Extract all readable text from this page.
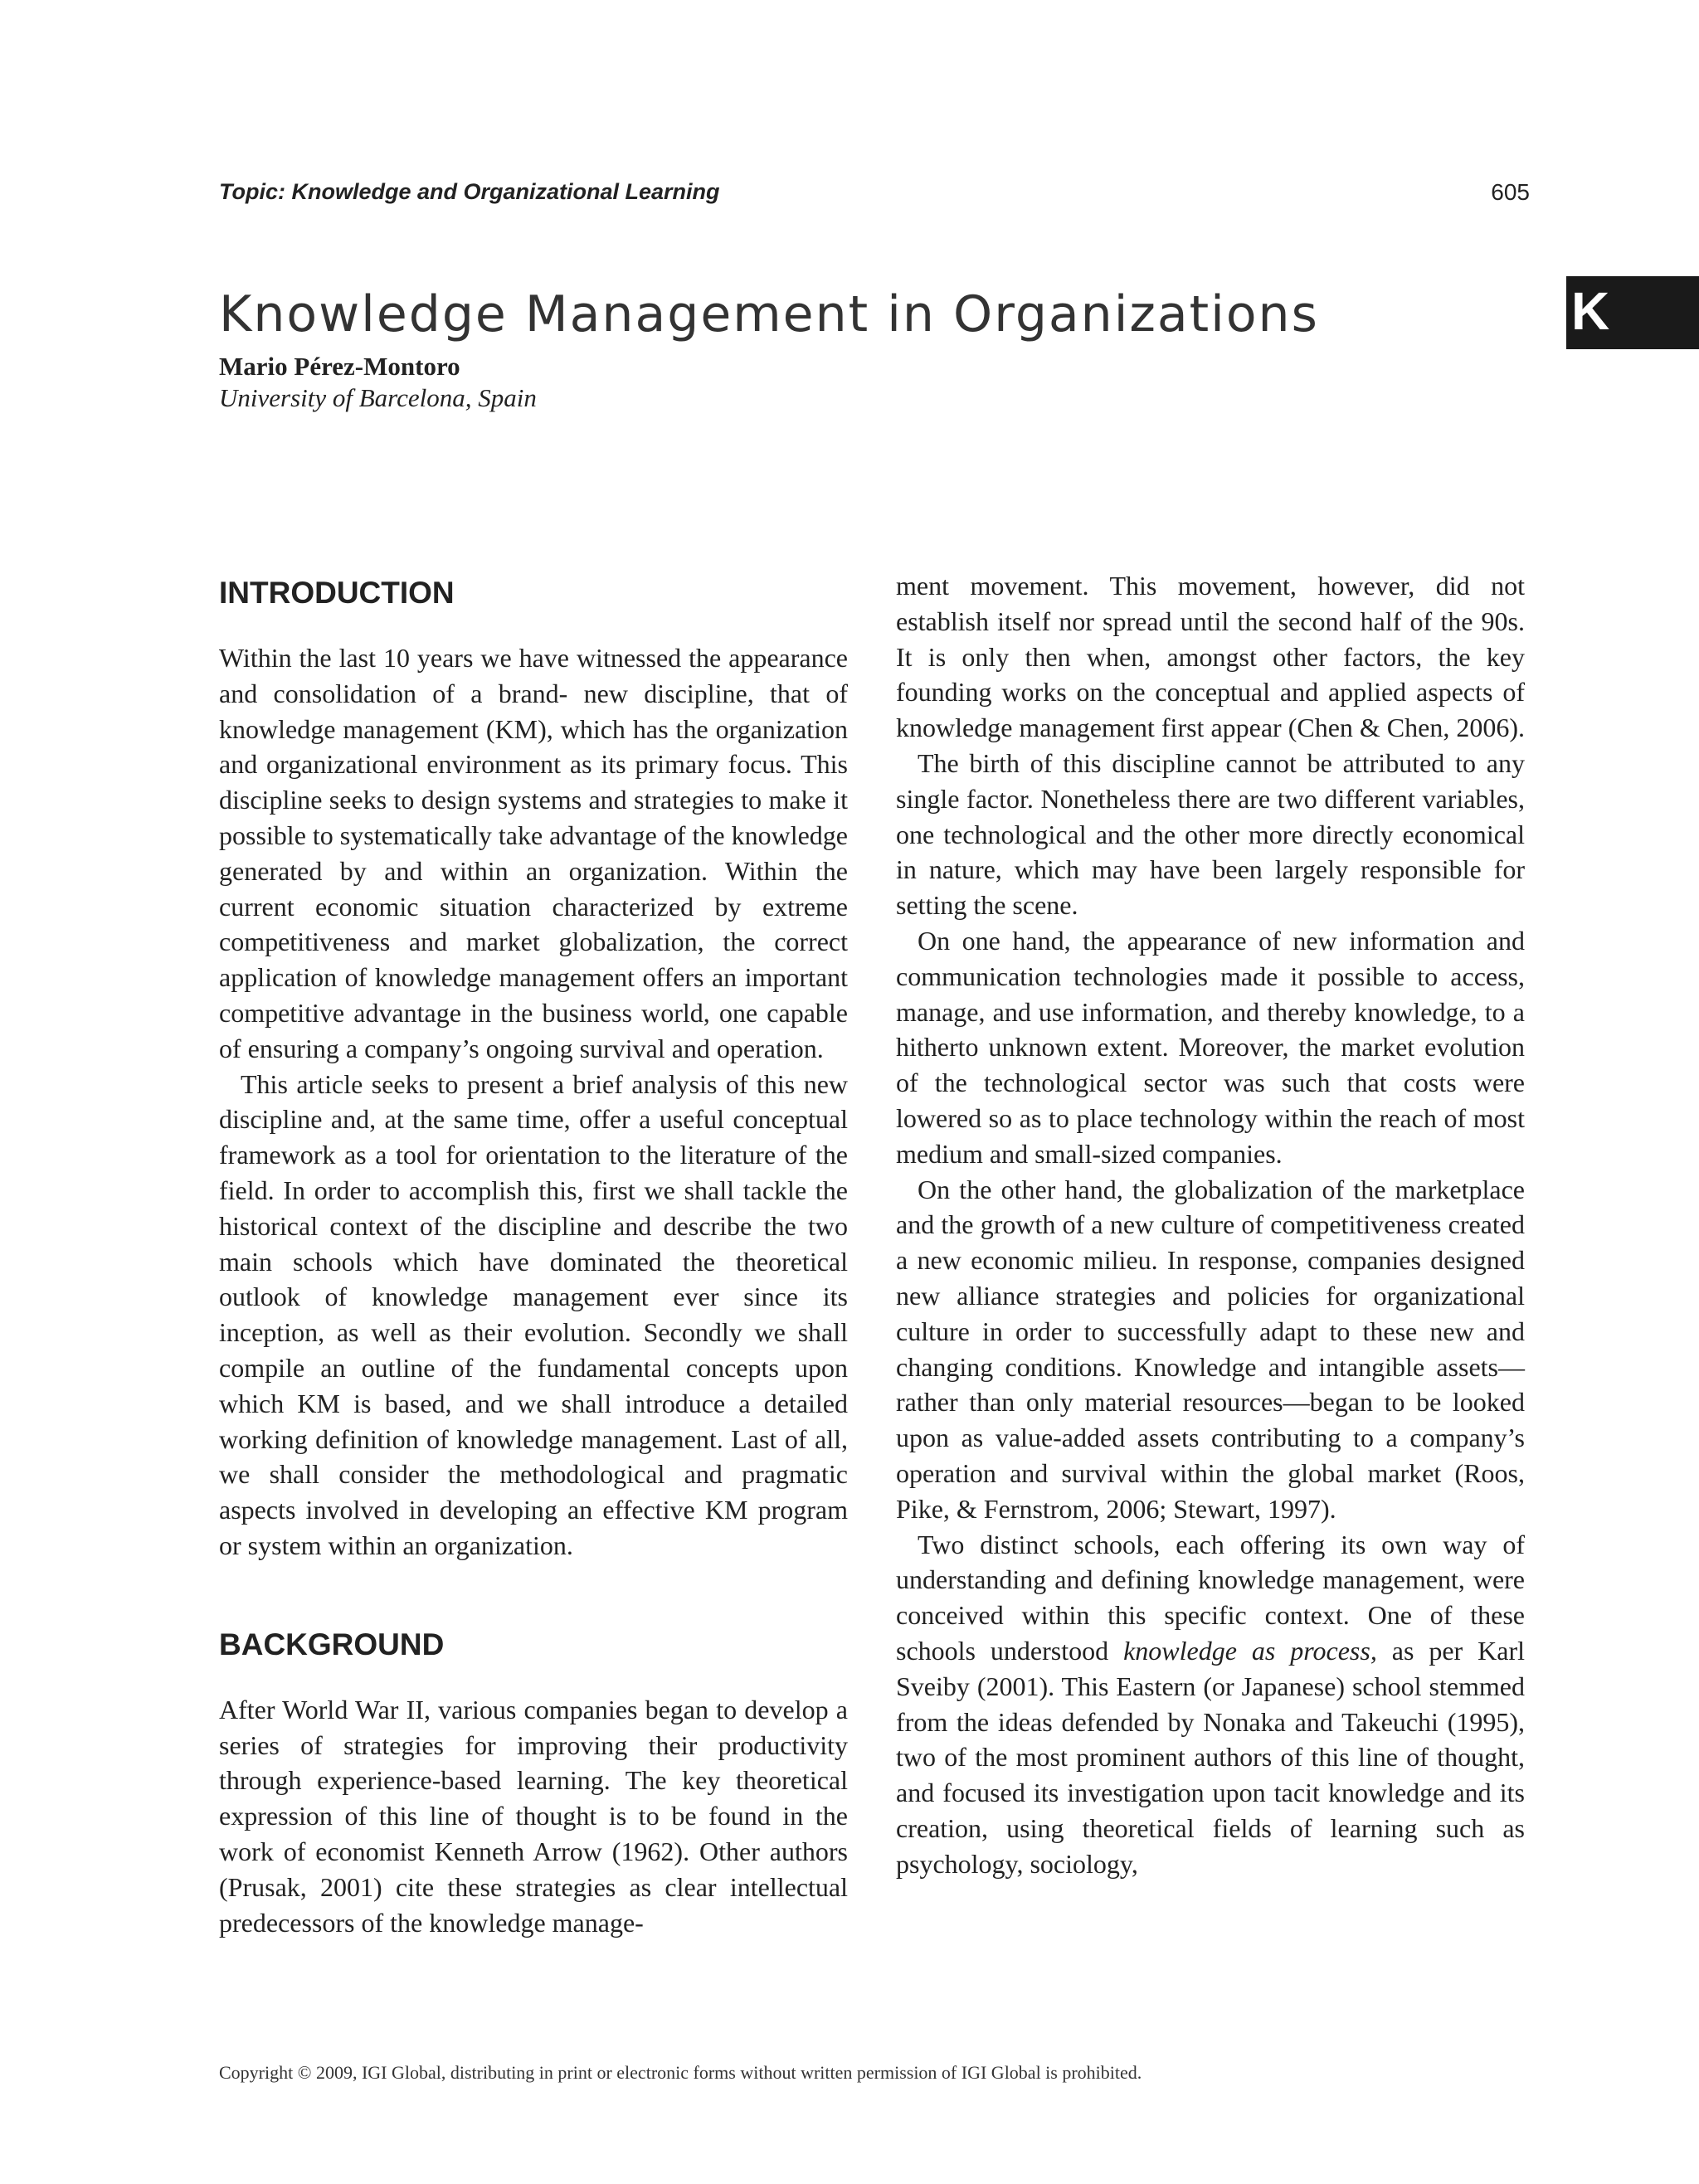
Topic: Knowledge and Organizational Learning	605
Knowledge Management in Organizations	K
Mario Pérez-Montoro
University of Barcelona, Spain
INTRODUCTION

Within the last 10 years we have witnessed the appearance and consolidation of a brand- new discipline, that of knowledge management (KM), which has the organization and organizational environment as its primary focus. This discipline seeks to design systems and strategies to make it possible to systematically take advantage of the knowledge generated by and within an organization. Within the current economic situation characterized by extreme competitiveness and market globalization, the correct application of knowledge management offers an important competitive advantage in the business world, one capable of ensuring a company’s ongoing survival and operation.

This article seeks to present a brief analysis of this new discipline and, at the same time, offer a useful conceptual framework as a tool for orientation to the literature of the field. In order to accomplish this, first we shall tackle the historical context of the discipline and describe the two main schools which have dominated the theoretical outlook of knowledge management ever since its inception, as well as their evolution. Secondly we shall compile an outline of the fundamental concepts upon which KM is based, and we shall introduce a detailed working definition of knowledge management. Last of all, we shall consider the methodological and pragmatic aspects involved in developing an effective KM program or system within an organization.

BACKGROUND

After World War II, various companies began to develop a series of strategies for improving their productivity through experience-based learning. The key theoretical expression of this line of thought is to be found in the work of economist Kenneth Arrow (1962). Other authors (Prusak, 2001) cite these strategies as clear intellectual predecessors of the knowledge manage-

ment movement. This movement, however, did not establish itself nor spread until the second half of the 90s. It is only then when, amongst other factors, the key founding works on the conceptual and applied aspects of knowledge management first appear (Chen & Chen, 2006).

The birth of this discipline cannot be attributed to any single factor. Nonetheless there are two different variables, one technological and the other more directly economical in nature, which may have been largely responsible for setting the scene.

On one hand, the appearance of new information and communication technologies made it possible to access, manage, and use information, and thereby knowledge, to a hitherto unknown extent. Moreover, the market evolution of the technological sector was such that costs were lowered so as to place technology within the reach of most medium and small-sized companies.

On the other hand, the globalization of the marketplace and the growth of a new culture of competitiveness created a new economic milieu. In response, companies designed new alliance strategies and policies for organizational culture in order to successfully adapt to these new and changing conditions. Knowledge and intangible assets—rather than only material resources—began to be looked upon as value-added assets contributing to a company’s operation and survival within the global market (Roos, Pike, & Fernstrom, 2006; Stewart, 1997).

Two distinct schools, each offering its own way of understanding and defining knowledge management, were conceived within this specific context. One of these schools understood knowledge as process, as per Karl Sveiby (2001). This Eastern (or Japanese) school stemmed from the ideas defended by Nonaka and Takeuchi (1995), two of the most prominent authors of this line of thought, and focused its investigation upon tacit knowledge and its creation, using theoretical fields of learning such as psychology, sociology,

Copyright © 2009, IGI Global, distributing in print or electronic forms without written permission of IGI Global is prohibited.
